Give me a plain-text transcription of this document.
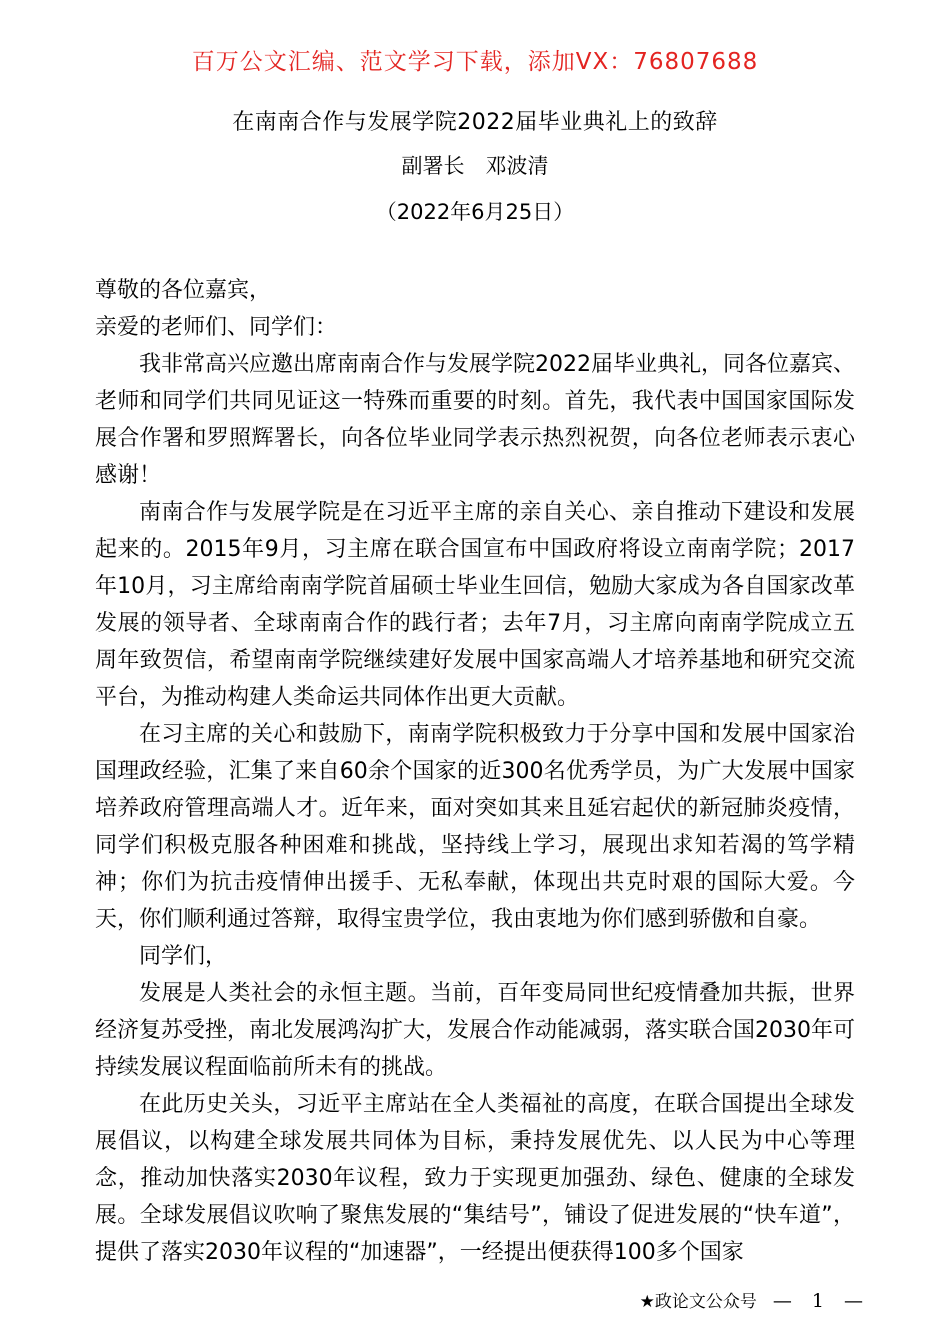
百万公文汇编、范文学习下载，添加VX：76807688
在南南合作与发展学院2022届毕业典礼上的致辞
副署长　邓波清
（2022年6月25日）

尊敬的各位嘉宾，

亲爱的老师们、同学们：

我非常高兴应邀出席南南合作与发展学院2022届毕业典礼，同各位嘉宾、老师和同学们共同见证这一特殊而重要的时刻。首先，我代表中国国家国际发展合作署和罗照辉署长，向各位毕业同学表示热烈祝贺，向各位老师表示衷心感谢！

南南合作与发展学院是在习近平主席的亲自关心、亲自推动下建设和发展起来的。2015年9月，习主席在联合国宣布中国政府将设立南南学院；2017年10月，习主席给南南学院首届硕士毕业生回信，勉励大家成为各自国家改革发展的领导者、全球南南合作的践行者；去年7月，习主席向南南学院成立五周年致贺信，希望南南学院继续建好发展中国家高端人才培养基地和研究交流平台，为推动构建人类命运共同体作出更大贡献。

在习主席的关心和鼓励下，南南学院积极致力于分享中国和发展中国家治国理政经验，汇集了来自60余个国家的近300名优秀学员，为广大发展中国家培养政府管理高端人才。近年来，面对突如其来且延宕起伏的新冠肺炎疫情，同学们积极克服各种困难和挑战，坚持线上学习，展现出求知若渴的笃学精神；你们为抗击疫情伸出援手、无私奉献，体现出共克时艰的国际大爱。今天，你们顺利通过答辩，取得宝贵学位，我由衷地为你们感到骄傲和自豪。

同学们，

发展是人类社会的永恒主题。当前，百年变局同世纪疫情叠加共振，世界经济复苏受挫，南北发展鸿沟扩大，发展合作动能减弱，落实联合国2030年可持续发展议程面临前所未有的挑战。

在此历史关头，习近平主席站在全人类福祉的高度，在联合国提出全球发展倡议，以构建全球发展共同体为目标，秉持发展优先、以人民为中心等理念，推动加快落实2030年议程，致力于实现更加强劲、绿色、健康的全球发展。全球发展倡议吹响了聚焦发展的“集结号”，铺设了促进发展的“快车道”，提供了落实2030年议程的“加速器”，一经提出便获得100多个国家

★政论文公众号 — 1 —
